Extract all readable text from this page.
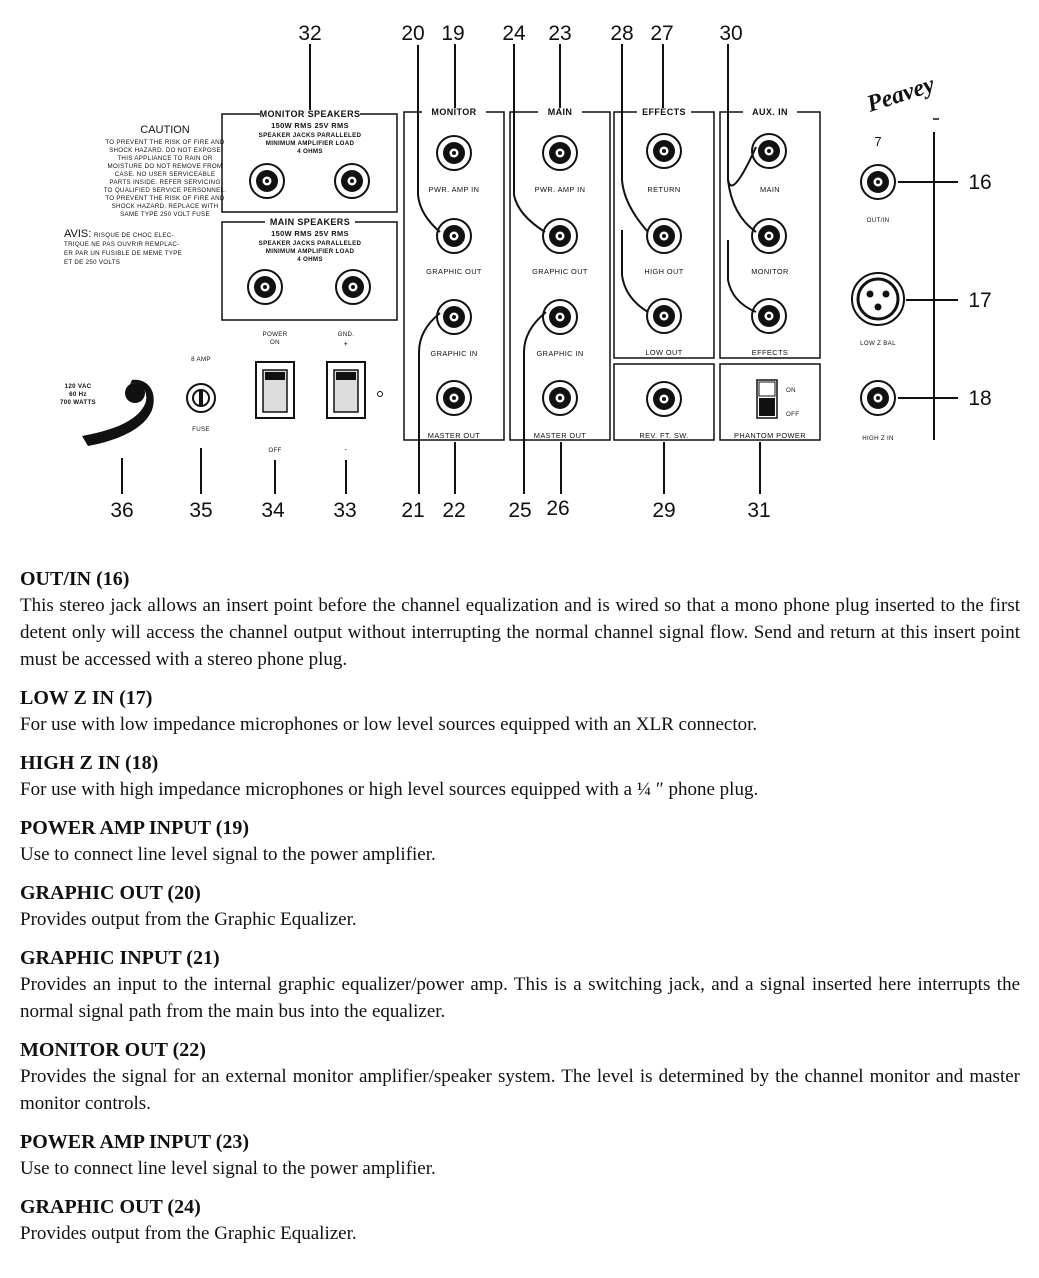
CAUTION
TO PREVENT THE RISK OF FIRE AND
SHOCK HAZARD. DO NOT EXPOSE
THIS APPLIANCE TO RAIN OR
MOISTURE DO NOT REMOVE FROM
CASE. NO USER SERVICEABLE
PARTS INSIDE. REFER SERVICING
TO QUALIFIED SERVICE PERSONNEL.
TO PREVENT THE RISK OF FIRE AND
SHOCK HAZARD. REPLACE WITH
SAME TYPE 250 VOLT FUSE
AVIS: RISQUE DE CHOC ELEC-
TRIQUE NE PAS OUVRIR REMPLAC-
ER PAR UN FUSIBLE DE MEME TYPE
ET DE 250 VOLTS
MONITOR SPEAKERS
150W RMS 25V RMS
SPEAKER JACKS PARALLELED
MINIMUM AMPLIFIER LOAD
4 OHMS
MAIN SPEAKERS
150W RMS 25V RMS
SPEAKER JACKS PARALLELED
MINIMUM AMPLIFIER LOAD
4 OHMS
120 VAC
60 Hz
700 WATTS
8 AMP
FUSE
POWER
ON
OFF
GND.
+
-
MONITOR
PWR. AMP IN
GRAPHIC OUT
GRAPHIC IN
MASTER OUT
MAIN
PWR. AMP IN
GRAPHIC OUT
GRAPHIC IN
MASTER OUT
EFFECTS
RETURN
HIGH OUT
LOW OUT
REV. FT. SW.
AUX. IN
MAIN
MONITOR
EFFECTS
ON
OFF
PHANTOM POWER
Peavey
7
OUT/IN
LOW Z BAL
HIGH Z IN
32	20 19 24 23 28 27 30
16
17
18
36	35 34 33 21 22 25 26	29	31
OUT/IN (16)

This stereo jack allows an insert point before the channel equalization and is wired so that a mono phone plug inserted to the first detent only will access the channel output without interrupting the normal channel signal flow. Send and return at this insert point must be accessed with a stereo phone plug.

LOW Z IN (17)

For use with low impedance microphones or low level sources equipped with an XLR connector.

HIGH Z IN (18)

For use with high impedance microphones or high level sources equipped with a ¼ ″ phone plug.

POWER AMP INPUT (19)

Use to connect line level signal to the power amplifier.

GRAPHIC OUT (20)

Provides output from the Graphic Equalizer.

GRAPHIC INPUT (21)

Provides an input to the internal graphic equalizer/power amp. This is a switching jack, and a signal inserted here interrupts the normal signal path from the main bus into the equalizer.

MONITOR OUT (22)

Provides the signal for an external monitor amplifier/speaker system. The level is determined by the channel monitor and master monitor controls.

POWER AMP INPUT (23)

Use to connect line level signal to the power amplifier.

GRAPHIC OUT (24)

Provides output from the Graphic Equalizer.
